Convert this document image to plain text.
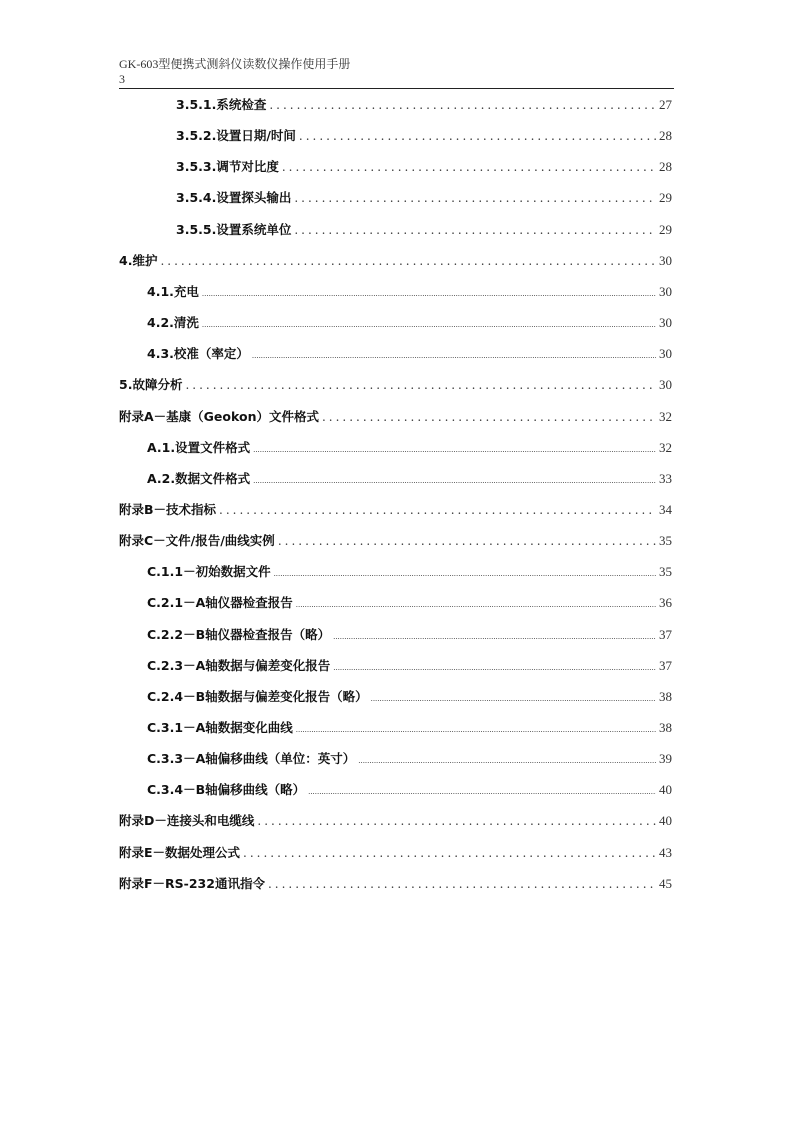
GK-603型便携式测斜仪读数仪操作使用手册
3
3.5.1.系统检查 .....	27
3.5.2.设置日期/时间 .....	28
3.5.3.调节对比度 .....	28
3.5.4.设置探头输出 .....	29
3.5.5.设置系统单位 .....	29
4.维护 .....	30
4.1.充电 .....	30
4.2.清洗 .....	30
4.3.校准（率定） .....	30
5.故障分析 .....	30
附录A－基康（Geokon）文件格式 .....	32
A.1.设置文件格式 .....	32
A.2.数据文件格式 .....	33
附录B－技术指标 .....	34
附录C－文件/报告/曲线实例 .....	35
C.1.1－初始数据文件 .....	35
C.2.1－A轴仪器检查报告 .....	36
C.2.2－B轴仪器检查报告（略） .....	37
C.2.3－A轴数据与偏差变化报告 .....	37
C.2.4－B轴数据与偏差变化报告（略） .....	38
C.3.1－A轴数据变化曲线 .....	38
C.3.3－A轴偏移曲线（单位：英寸） .....	39
C.3.4－B轴偏移曲线（略） .....	40
附录D－连接头和电缆线 .....	40
附录E－数据处理公式 .....	43
附录F－RS-232通讯指令 .....	45
